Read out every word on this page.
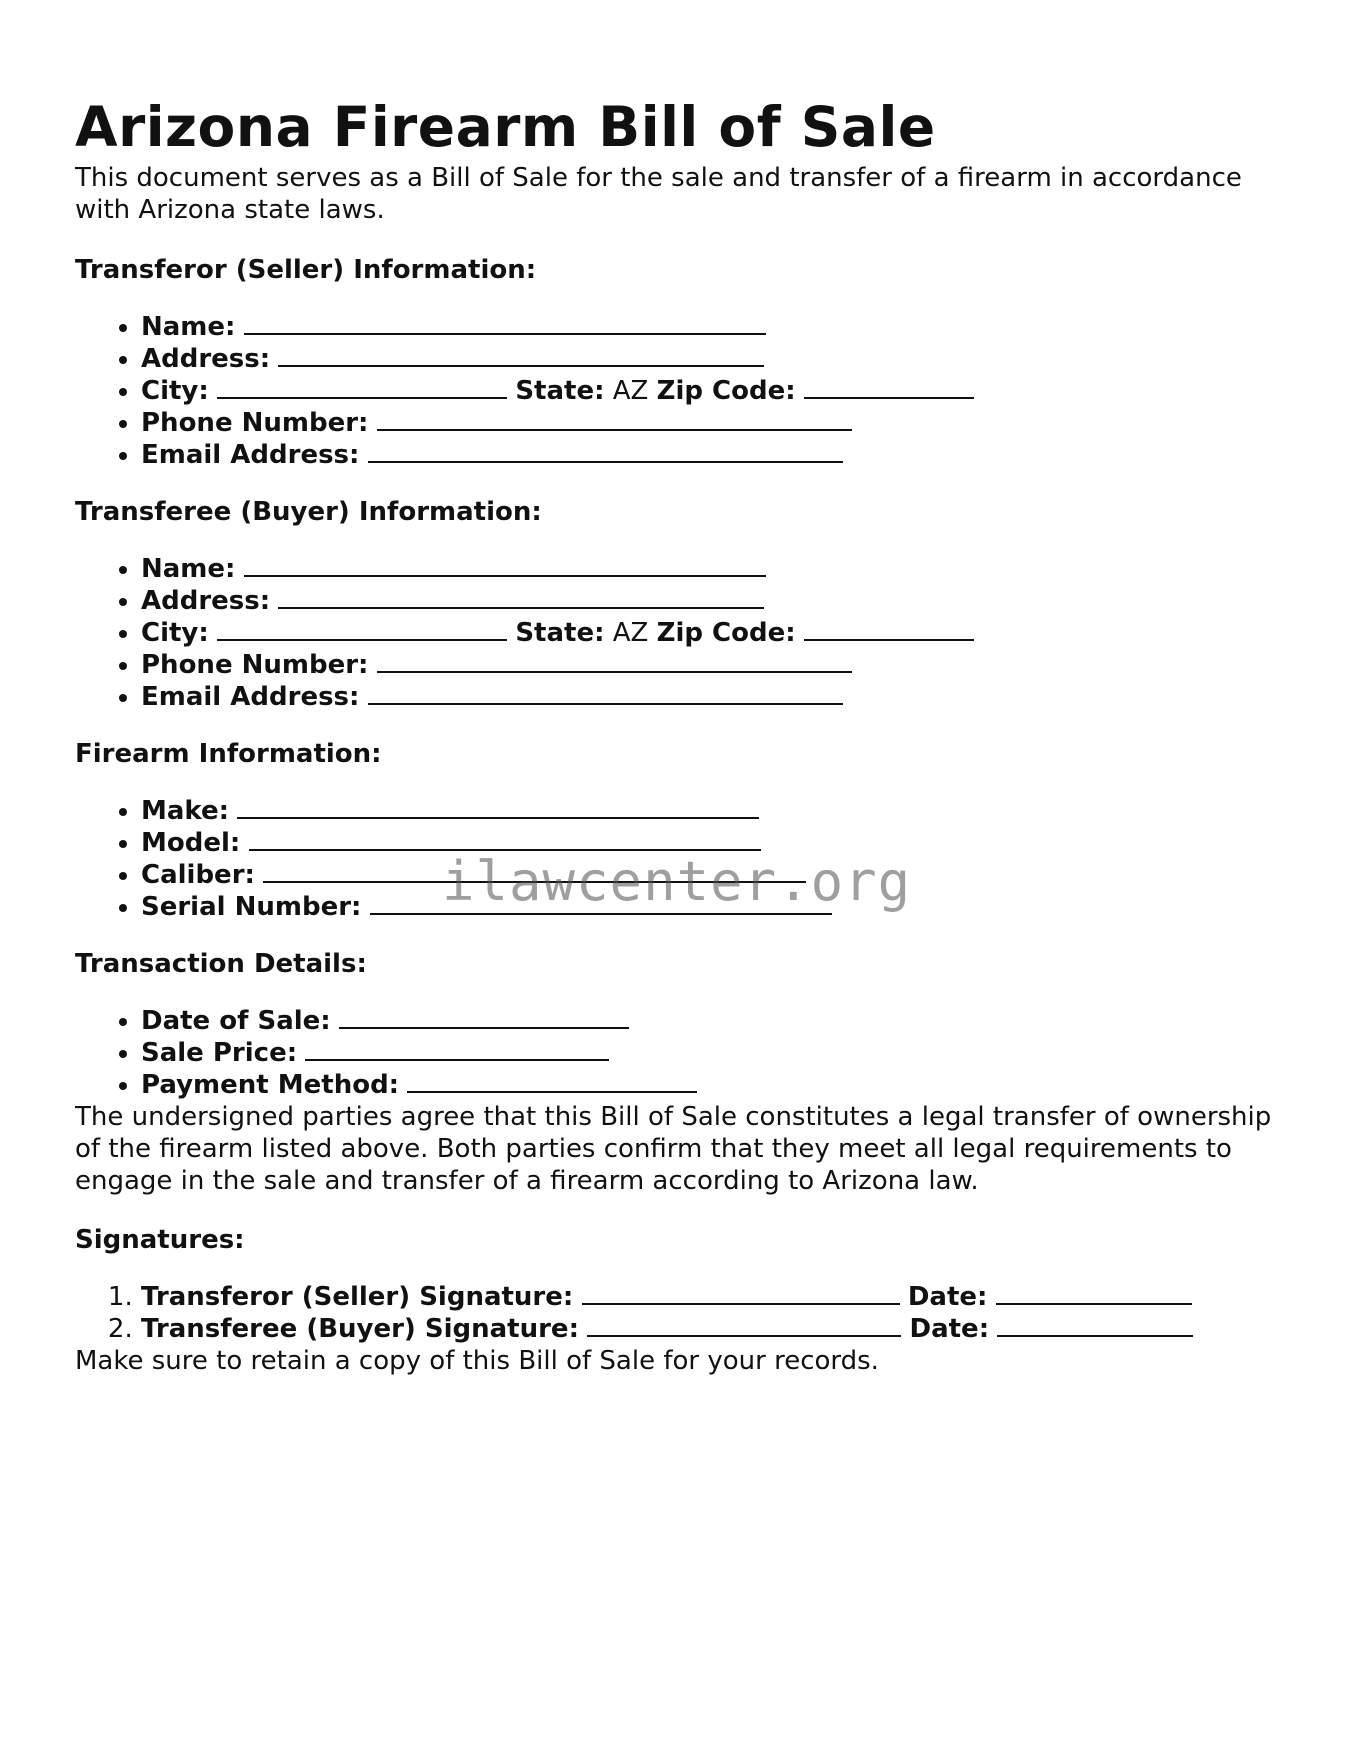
Arizona Firearm Bill of Sale

This document serves as a Bill of Sale for the sale and transfer of a firearm in accordance with Arizona state laws.

Transferor (Seller) Information:
• Name:
• Address:
• City:	State: AZ Zip Code:
• Phone Number:
• Email Address:
Transferee (Buyer) Information:
• Name:
• Address:
• City:	State: AZ Zip Code:
• Phone Number:
• Email Address:
Firearm Information:
• Make:
• Model:
• Caliber:
• Serial Number:
Transaction Details:
• Date of Sale:
• Sale Price:
• Payment Method:

The undersigned parties agree that this Bill of Sale constitutes a legal transfer of ownership of the firearm listed above. Both parties confirm that they meet all legal requirements to engage in the sale and transfer of a firearm according to Arizona law.

Signatures:
1. Transferor (Seller) Signature:	Date:
2. Transferee (Buyer) Signature:	Date:

Make sure to retain a copy of this Bill of Sale for your records.

ilawcenter.org
